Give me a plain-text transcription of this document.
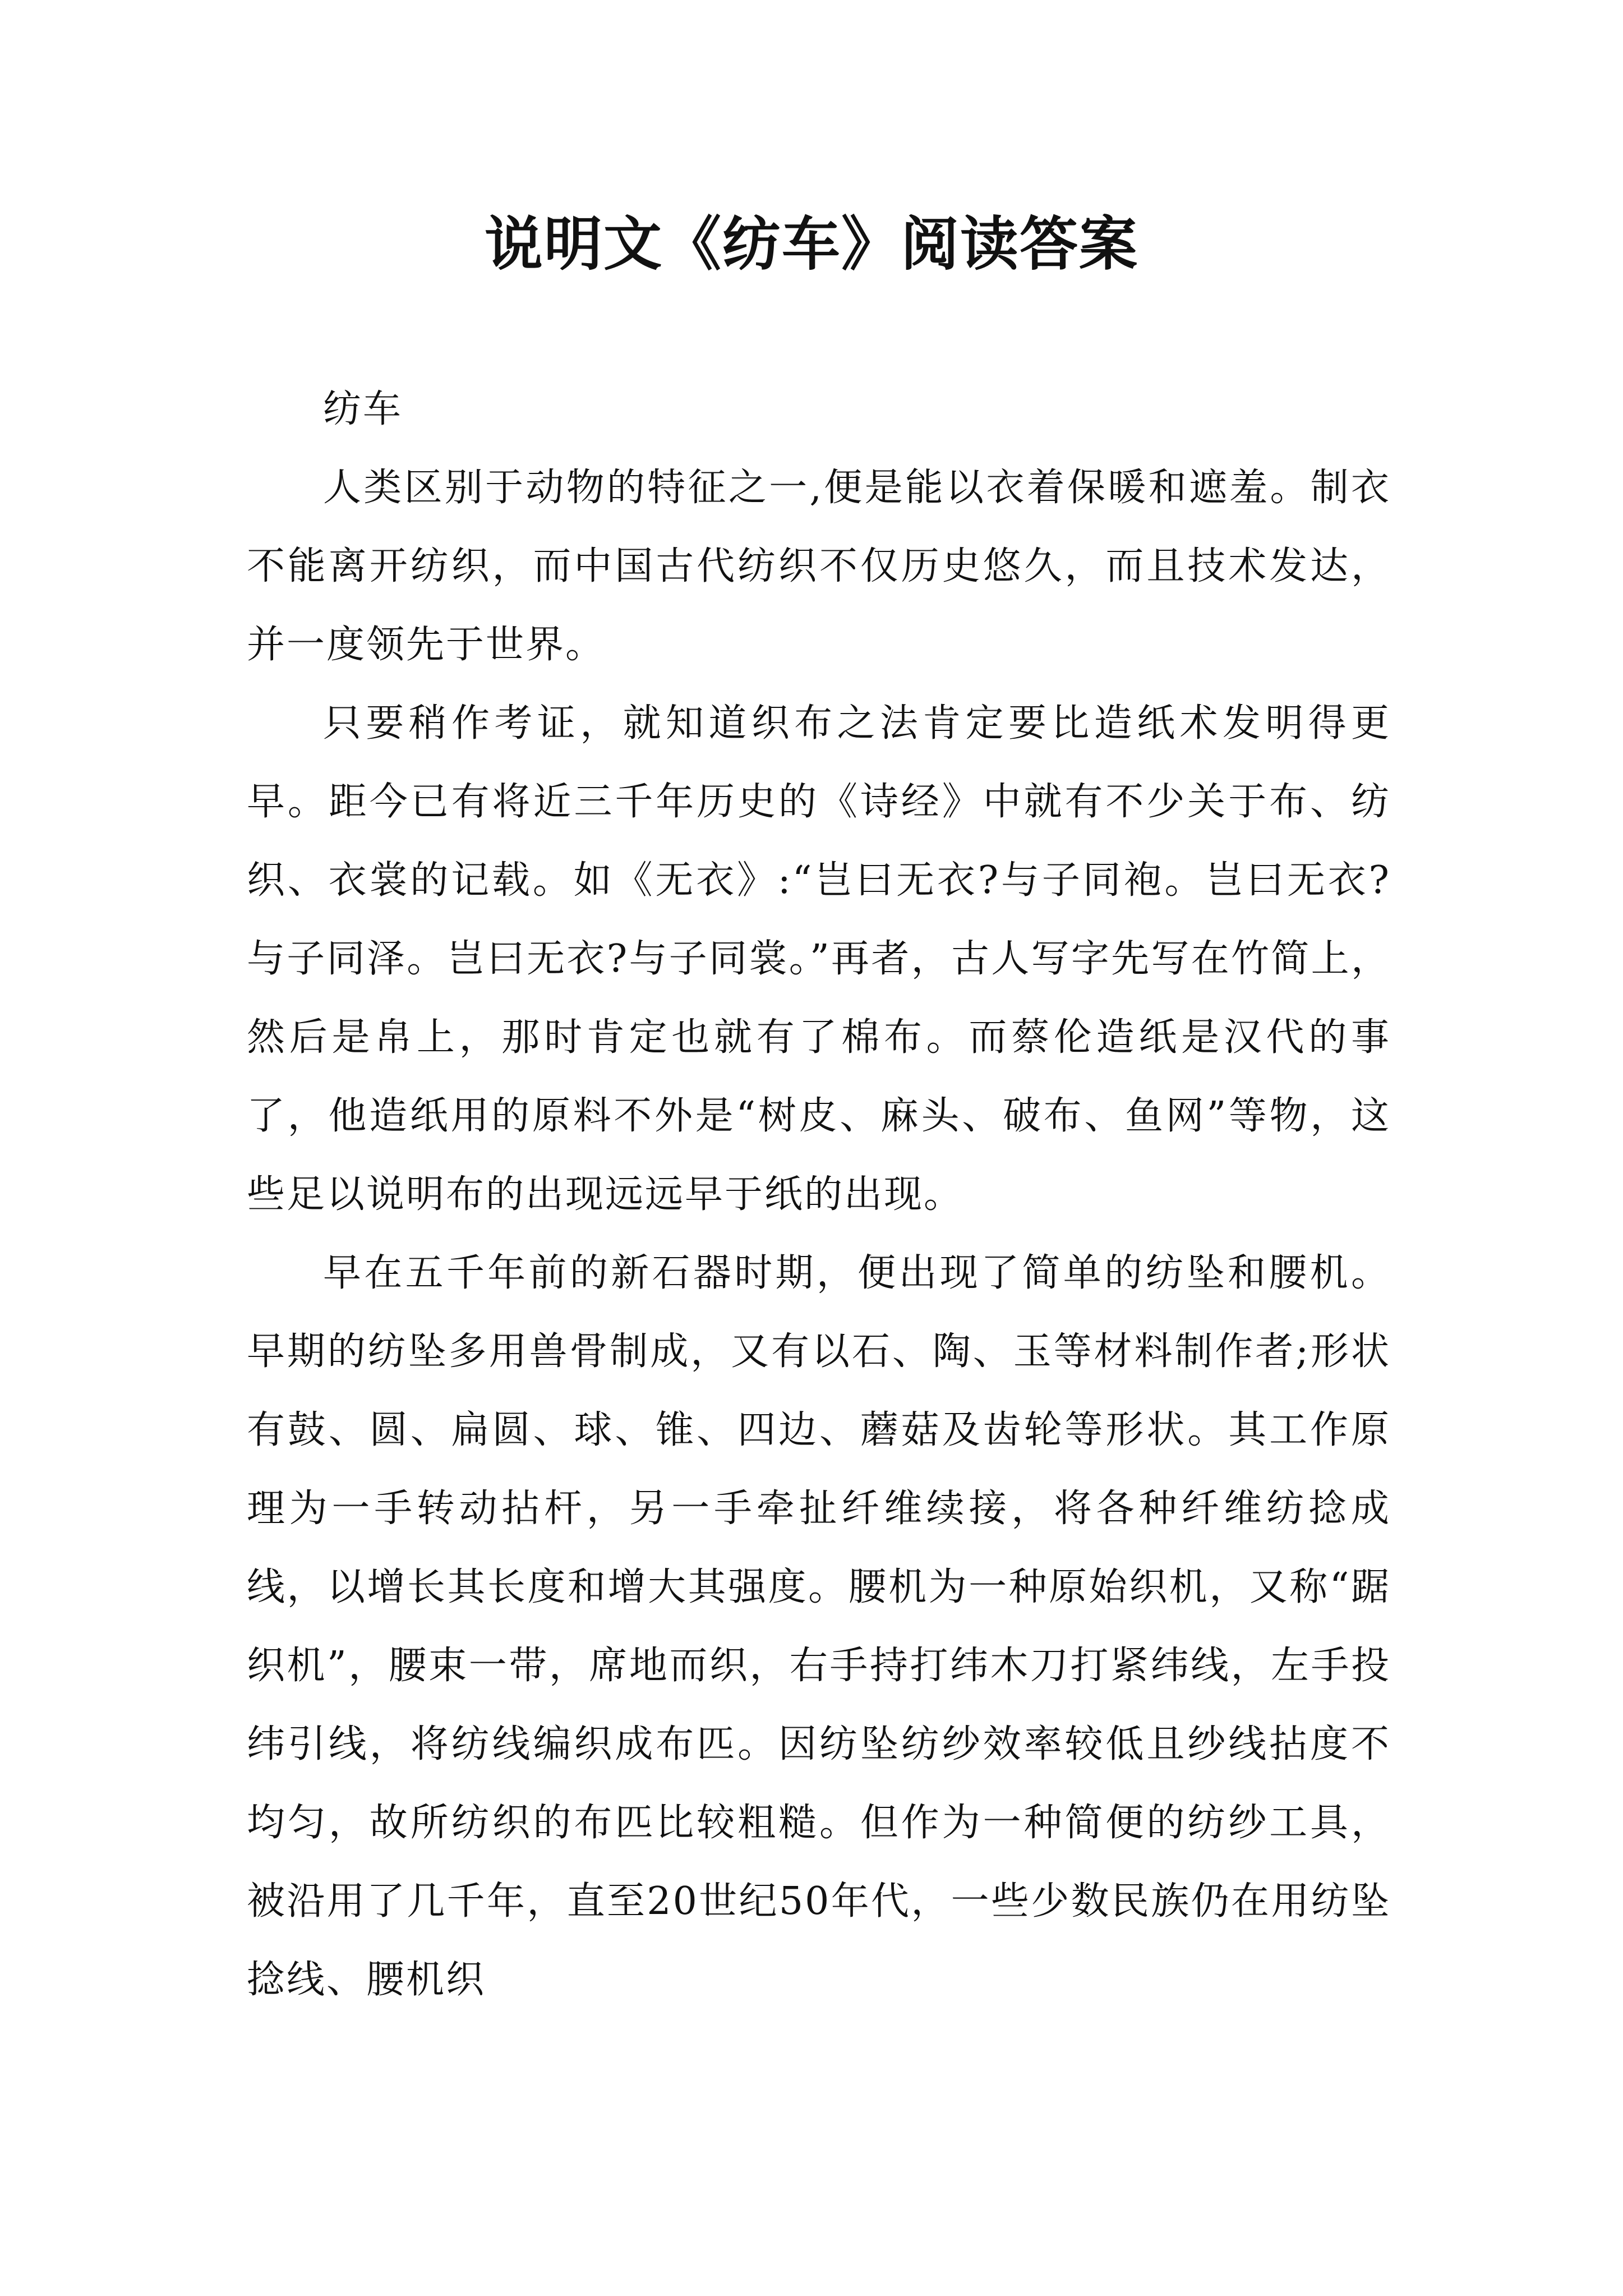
说明文《纺车》阅读答案

纺车

人类区别于动物的特征之一,便是能以衣着保暖和遮羞。制衣不能离开纺织，而中国古代纺织不仅历史悠久，而且技术发达，并一度领先于世界。

只要稍作考证，就知道织布之法肯定要比造纸术发明得更早。距今已有将近三千年历史的《诗经》中就有不少关于布、纺织、衣裳的记载。如《无衣》:“岂曰无衣?与子同袍。岂曰无衣?与子同泽。岂曰无衣?与子同裳。”再者，古人写字先写在竹简上，然后是帛上，那时肯定也就有了棉布。而蔡伦造纸是汉代的事了，他造纸用的原料不外是“树皮、麻头、破布、鱼网”等物，这些足以说明布的出现远远早于纸的出现。

早在五千年前的新石器时期，便出现了简单的纺坠和腰机。早期的纺坠多用兽骨制成，又有以石、陶、玉等材料制作者;形状有鼓、圆、扁圆、球、锥、四边、蘑菇及齿轮等形状。其工作原理为一手转动拈杆，另一手牵扯纤维续接，将各种纤维纺捻成线，以增长其长度和增大其强度。腰机为一种原始织机，又称“踞织机”，腰束一带，席地而织，右手持打纬木刀打紧纬线，左手投纬引线，将纺线编织成布匹。因纺坠纺纱效率较低且纱线拈度不均匀，故所纺织的布匹比较粗糙。但作为一种简便的纺纱工具，被沿用了几千年，直至20世纪50年代，一些少数民族仍在用纺坠捻线、腰机织
